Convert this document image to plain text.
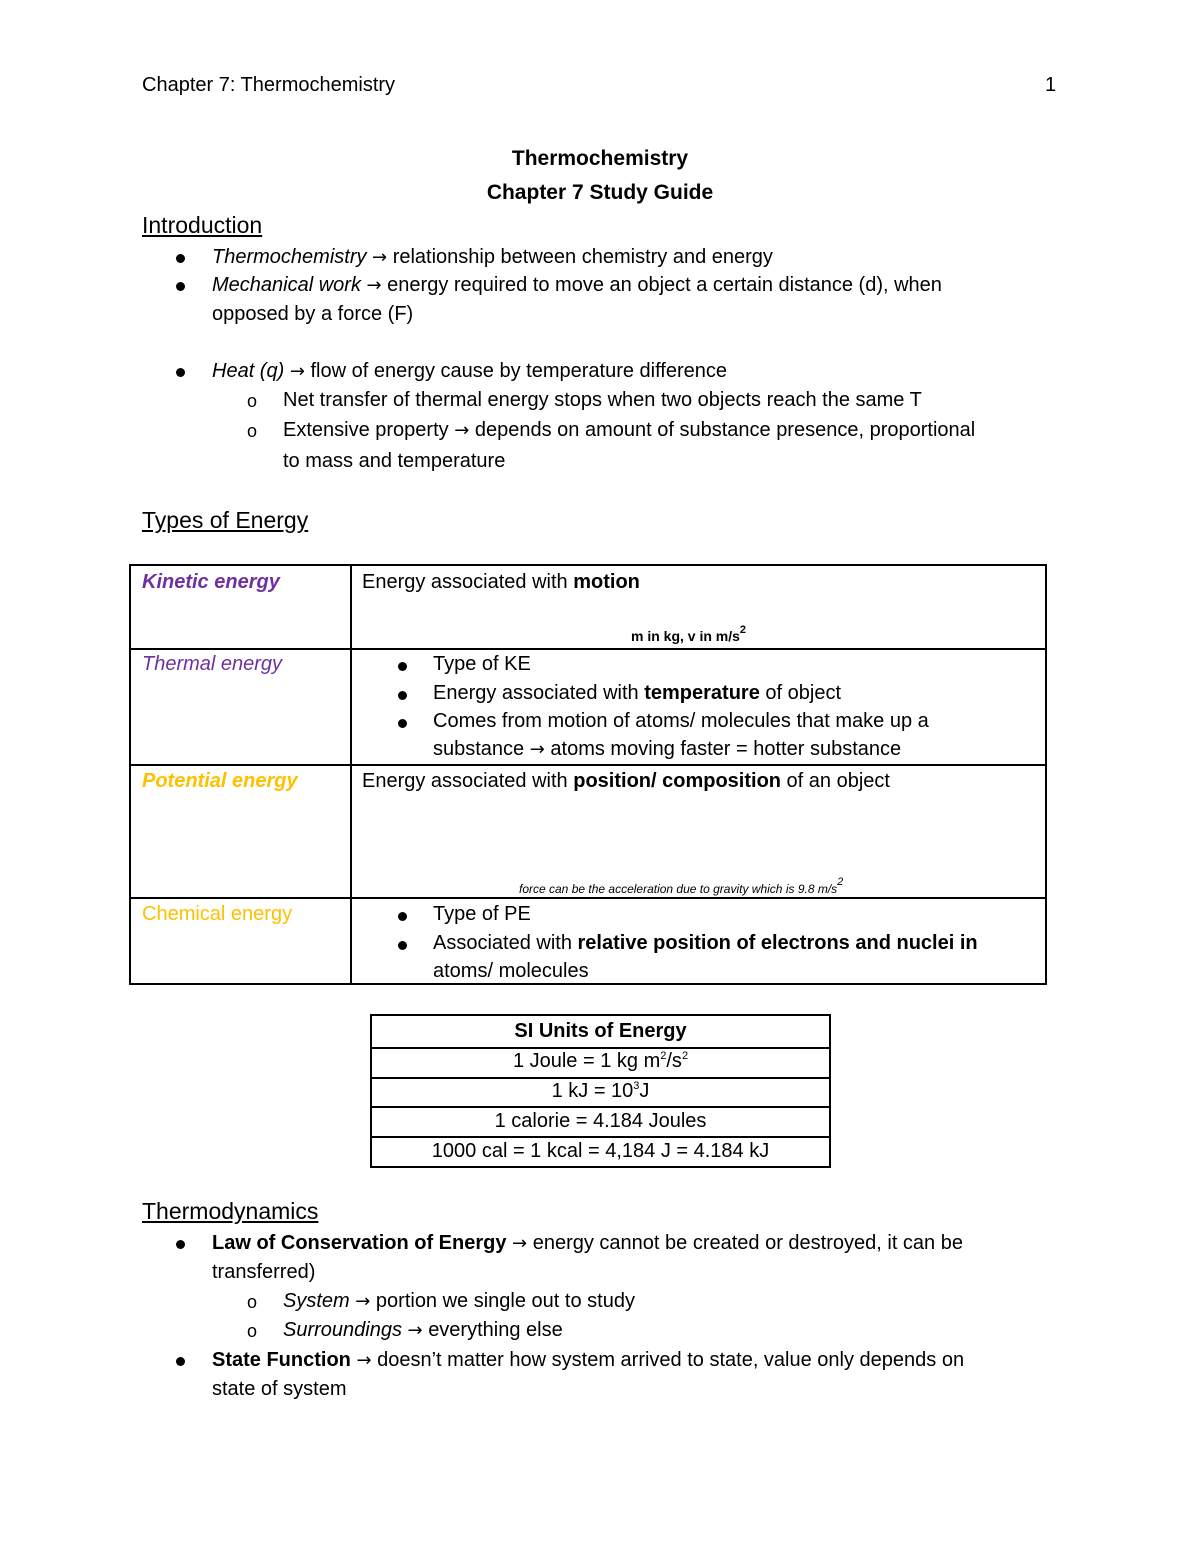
Chapter 7: Thermochemistry	1
Thermochemistry
Chapter 7 Study Guide
Introduction
Thermochemistry → relationship between chemistry and energy
Mechanical work → energy required to move an object a certain distance (d), when
opposed by a force (F)
Heat (q) → flow of energy cause by temperature difference
o Net transfer of thermal energy stops when two objects reach the same T
o Extensive property → depends on amount of substance presence, proportional
to mass and temperature
Types of Energy
Kinetic energy	Energy associated with motion
m in kg, v in $m/s^2$
Thermal energy	Type of KE
Energy associated with temperature of object
Comes from motion of atoms/ molecules that make up a
substance → atoms moving faster = hotter substance
Potential energy	Energy associated with position/ composition of an object
force can be the acceleration due to gravity which is 9.8 $m/s^2$
Chemical energy	Type of PE
Associated with relative position of electrons and nuclei in
atoms/ molecules
SI Units of Energy
1 Joule = 1 kg $m^2/s^2$
1 kJ = $10^3J$
1 calorie = 4.184 Joules
1000 cal = 1 kcal = 4,184 J = 4.184 kJ
Thermodynamics
Law of Conservation of Energy → energy cannot be created or destroyed, it can be
transferred)
o System → portion we single out to study
o Surroundings → everything else
State Function → doesn’t matter how system arrived to state, value only depends on
state of system
